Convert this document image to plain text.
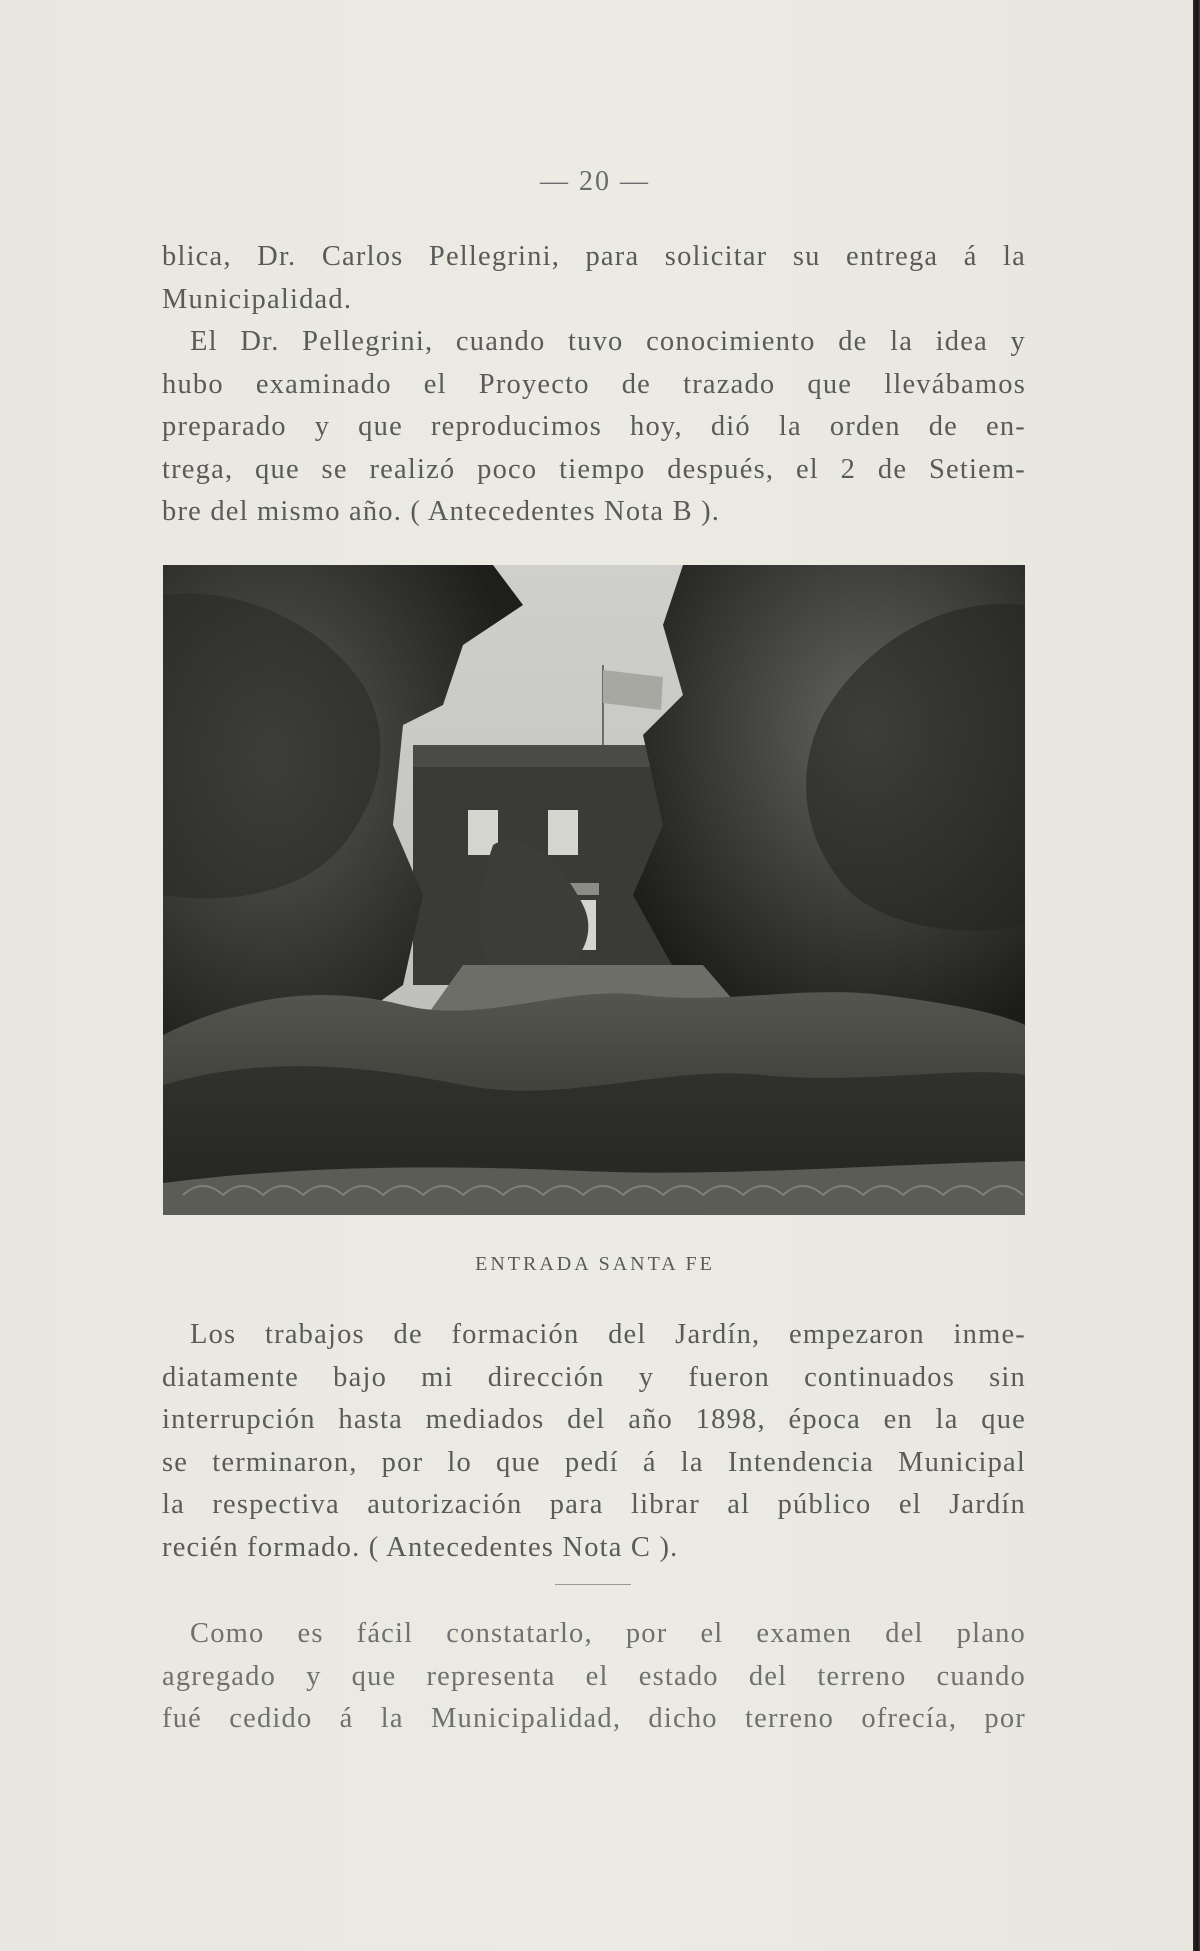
— 20 —
blica, Dr. Carlos Pellegrini, para solicitar su entrega á la
Municipalidad.
El Dr. Pellegrini, cuando tuvo conocimiento de la idea y
hubo examinado el Proyecto de trazado que llevábamos
preparado y que reproducimos hoy, dió la orden de en-
trega, que se realizó poco tiempo después, el 2 de Setiem-
bre del mismo año. ( Antecedentes Nota B ).
ENTRADA SANTA FE
Los trabajos de formación del Jardín, empezaron inme-
diatamente bajo mi dirección y fueron continuados sin
interrupción hasta mediados del año 1898, época en la que
se terminaron, por lo que pedí á la Intendencia Municipal
la respectiva autorización para librar al público el Jardín
recién formado. ( Antecedentes Nota C ).
Como es fácil constatarlo, por el examen del plano
agregado y que representa el estado del terreno cuando
fué cedido á la Municipalidad, dicho terreno ofrecía, por
